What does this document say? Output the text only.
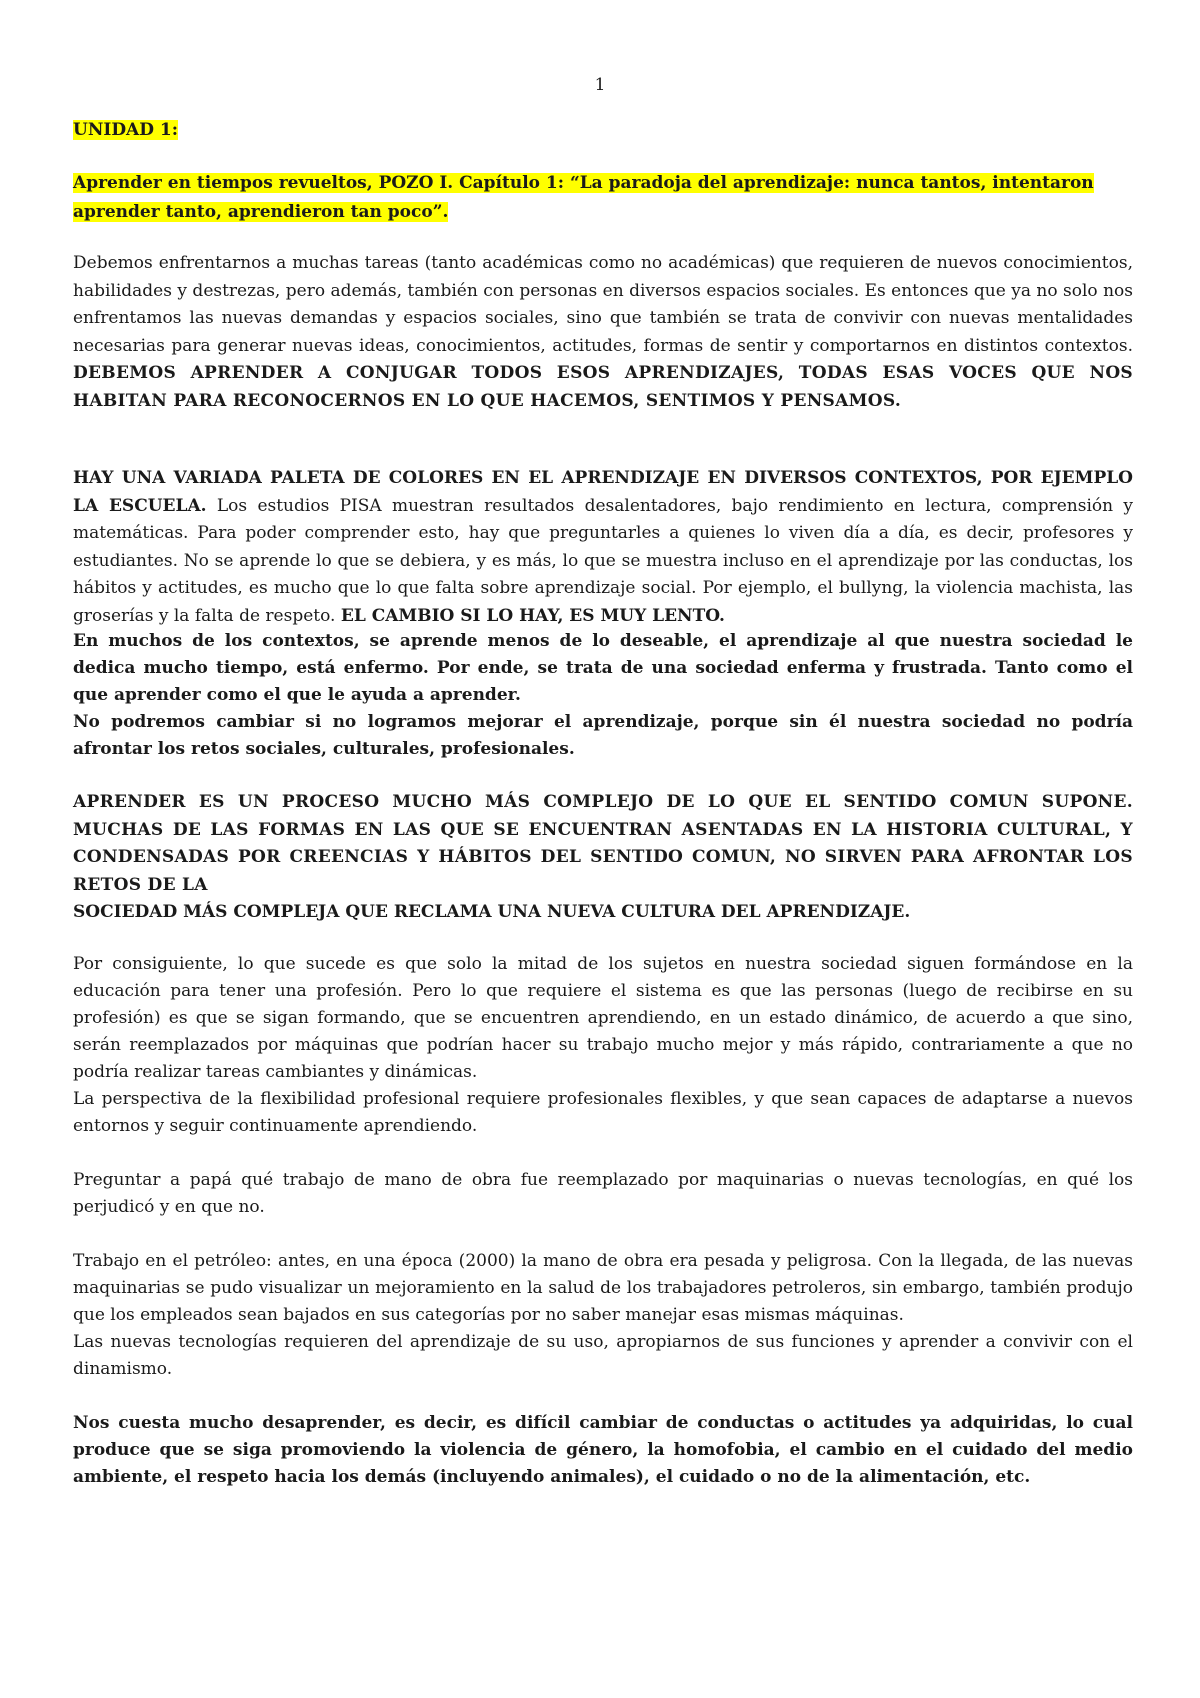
1

UNIDAD 1:

Aprender en tiempos revueltos, POZO I. Capítulo 1: “La paradoja del aprendizaje: nunca tantos, intentaron
aprender tanto, aprendieron tan poco”.

Debemos enfrentarnos a muchas tareas (tanto académicas como no académicas) que requieren de nuevos conocimientos, habilidades y destrezas, pero además, también con personas en diversos espacios sociales. Es entonces que ya no solo nos enfrentamos las nuevas demandas y espacios sociales, sino que también se trata de convivir con nuevas mentalidades necesarias para generar nuevas ideas, conocimientos, actitudes, formas de sentir y comportarnos en distintos contextos. DEBEMOS APRENDER A CONJUGAR TODOS ESOS APRENDIZAJES, TODAS ESAS VOCES QUE NOS HABITAN PARA RECONOCERNOS EN LO QUE HACEMOS, SENTIMOS Y PENSAMOS.

HAY UNA VARIADA PALETA DE COLORES EN EL APRENDIZAJE EN DIVERSOS CONTEXTOS, POR EJEMPLO LA ESCUELA. Los estudios PISA muestran resultados desalentadores, bajo rendimiento en lectura, comprensión y matemáticas. Para poder comprender esto, hay que preguntarles a quienes lo viven día a día, es decir, profesores y estudiantes. No se aprende lo que se debiera, y es más, lo que se muestra incluso en el aprendizaje por las conductas, los hábitos y actitudes, es mucho que lo que falta sobre aprendizaje social. Por ejemplo, el bullyng, la violencia machista, las groserías y la falta de respeto. EL CAMBIO SI LO HAY, ES MUY LENTO.

En muchos de los contextos, se aprende menos de lo deseable, el aprendizaje al que nuestra sociedad le dedica mucho tiempo, está enfermo. Por ende, se trata de una sociedad enferma y frustrada. Tanto como el que aprender como el que le ayuda a aprender.

No podremos cambiar si no logramos mejorar el aprendizaje, porque sin él nuestra sociedad no podría afrontar los retos sociales, culturales, profesionales.

APRENDER ES UN PROCESO MUCHO MÁS COMPLEJO DE LO QUE EL SENTIDO COMUN SUPONE. MUCHAS DE LAS FORMAS EN LAS QUE SE ENCUENTRAN ASENTADAS EN LA HISTORIA CULTURAL, Y CONDENSADAS POR CREENCIAS Y HÁBITOS DEL SENTIDO COMUN, NO SIRVEN PARA AFRONTAR LOS RETOS DE LA
SOCIEDAD MÁS COMPLEJA QUE RECLAMA UNA NUEVA CULTURA DEL APRENDIZAJE.

Por consiguiente, lo que sucede es que solo la mitad de los sujetos en nuestra sociedad siguen formándose en la educación para tener una profesión. Pero lo que requiere el sistema es que las personas (luego de recibirse en su profesión) es que se sigan formando, que se encuentren aprendiendo, en un estado dinámico, de acuerdo a que sino, serán reemplazados por máquinas que podrían hacer su trabajo mucho mejor y más rápido, contrariamente a que no podría realizar tareas cambiantes y dinámicas.

La perspectiva de la flexibilidad profesional requiere profesionales flexibles, y que sean capaces de adaptarse a nuevos entornos y seguir continuamente aprendiendo.

Preguntar a papá qué trabajo de mano de obra fue reemplazado por maquinarias o nuevas tecnologías, en qué los perjudicó y en que no.

Trabajo en el petróleo: antes, en una época (2000) la mano de obra era pesada y peligrosa. Con la llegada, de las nuevas maquinarias se pudo visualizar un mejoramiento en la salud de los trabajadores petroleros, sin embargo, también produjo que los empleados sean bajados en sus categorías por no saber manejar esas mismas máquinas.

Las nuevas tecnologías requieren del aprendizaje de su uso, apropiarnos de sus funciones y aprender a convivir con el dinamismo.

Nos cuesta mucho desaprender, es decir, es difícil cambiar de conductas o actitudes ya adquiridas, lo cual produce que se siga promoviendo la violencia de género, la homofobia, el cambio en el cuidado del medio ambiente, el respeto hacia los demás (incluyendo animales), el cuidado o no de la alimentación, etc.
